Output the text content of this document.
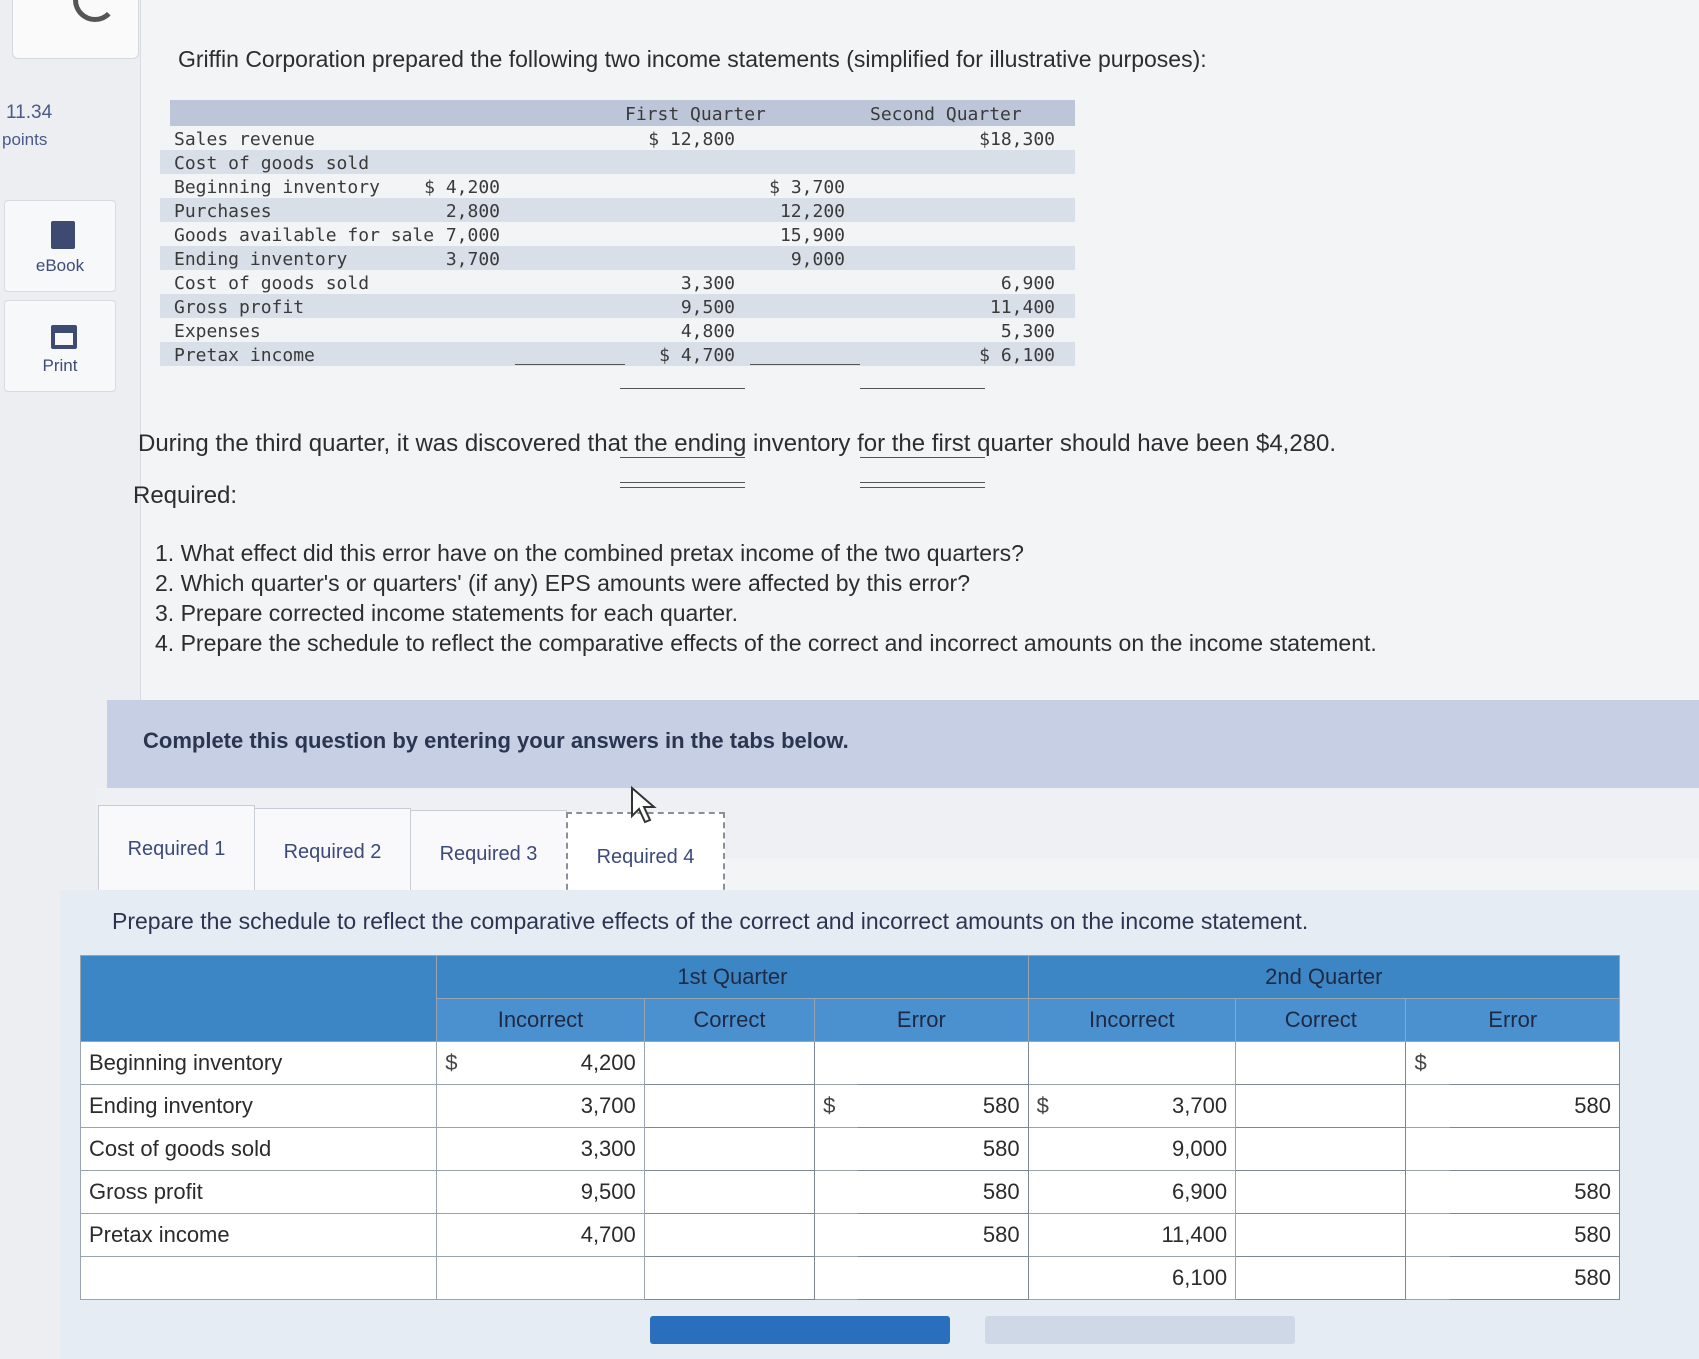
11.34
points
eBook
Print
Griffin Corporation prepared the following two income statements (simplified for illustrative purposes):
First Quarter	Second Quarter
Sales revenue	$ 12,800	$18,300
Cost of goods sold
Beginning inventory $ 4,200	$ 3,700
Purchases	2,800	12,200
Goods available for sale 7,000	15,900
Ending inventory	3,700	9,000
Cost of goods sold	3,300	6,900
Gross profit	9,500	11,400
Expenses	4,800	5,300
Pretax income	$ 4,700	$ 6,100
During the third quarter, it was discovered that the ending inventory for the first quarter should have been $4,280.
Required:
1. What effect did this error have on the combined pretax income of the two quarters?
2. Which quarter's or quarters' (if any) EPS amounts were affected by this error?
3. Prepare corrected income statements for each quarter.
4. Prepare the schedule to reflect the comparative effects of the correct and incorrect amounts on the income statement.
Complete this question by entering your answers in the tabs below.
Required 1	Required 2	Required 3	Required 4
Prepare the schedule to reflect the comparative effects of the correct and incorrect amounts on the income statement.
	1st Quarter					2nd Quarter				
	Incorrect		Correct	Error		Incorrect		Correct	Error	
Beginning inventory	$	4,200							$	
Ending inventory		3,700		$	580	$	3,700			580
Cost of goods sold		3,300			580		9,000			
Gross profit		9,500			580		6,900			580
Pretax income		4,700			580		11,400			580
							6,100			580
